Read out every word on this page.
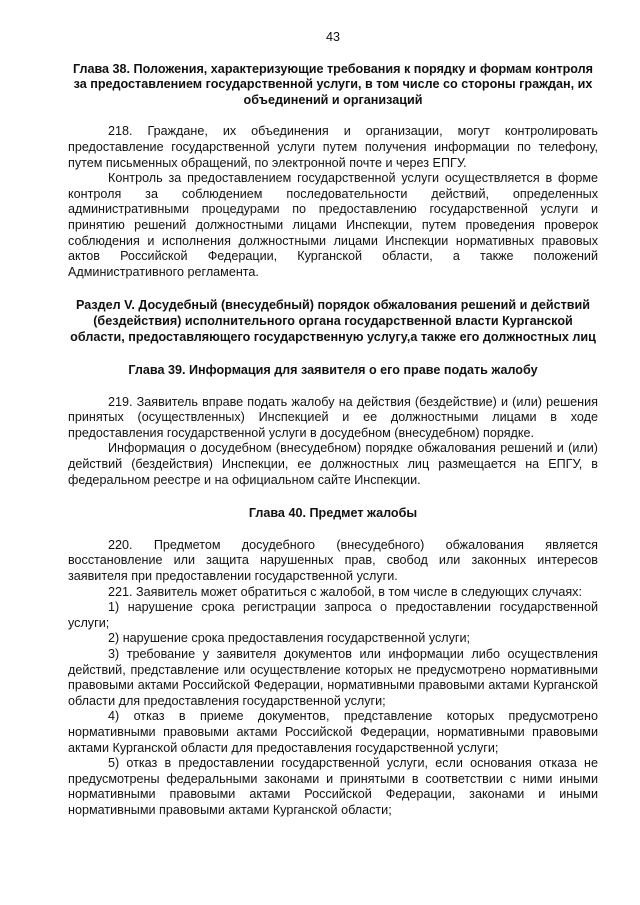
43
Глава 38. Положения, характеризующие требования к порядку и формам контроля за предоставлением государственной услуги, в том числе со стороны граждан, их объединений и организаций

218. Граждане, их объединения и организации, могут контролировать предоставление государственной услуги путем получения информации по телефону, путем письменных обращений, по электронной почте и через ЕПГУ.

Контроль за предоставлением государственной услуги осуществляется в форме контроля за соблюдением последовательности действий, определенных административными процедурами по предоставлению государственной услуги и принятию решений должностными лицами Инспекции, путем проведения проверок соблюдения и исполнения должностными лицами Инспекции нормативных правовых актов Российской Федерации, Курганской области, а также положений Административного регламента.

Раздел V. Досудебный (внесудебный) порядок обжалования решений и действий (бездействия) исполнительного органа государственной власти Курганской области, предоставляющего государственную услугу,а также его должностных лиц
Глава 39. Информация для заявителя о его праве подать жалобу

219. Заявитель вправе подать жалобу на действия (бездействие) и (или) решения принятых (осуществленных) Инспекцией и ее должностными лицами в ходе предоставления государственной услуги в досудебном (внесудебном) порядке.

Информация о досудебном (внесудебном) порядке обжалования решений и (или) действий (бездействия) Инспекции, ее должностных лиц размещается на ЕПГУ, в федеральном реестре и на официальном сайте Инспекции.

Глава 40. Предмет жалобы

220. Предметом досудебного (внесудебного) обжалования является восстановление или защита нарушенных прав, свобод или законных интересов заявителя при предоставлении государственной услуги.

221. Заявитель может обратиться с жалобой, в том числе в следующих случаях:

1) нарушение срока регистрации запроса о предоставлении государственной услуги;

2) нарушение срока предоставления государственной услуги;

3) требование у заявителя документов или информации либо осуществления действий, представление или осуществление которых не предусмотрено нормативными правовыми актами Российской Федерации, нормативными правовыми актами Курганской области для предоставления государственной услуги;

4) отказ в приеме документов, представление которых предусмотрено нормативными правовыми актами Российской Федерации, нормативными правовыми актами Курганской области для предоставления государственной услуги;

5) отказ в предоставлении государственной услуги, если основания отказа не предусмотрены федеральными законами и принятыми в соответствии с ними иными нормативными правовыми актами Российской Федерации, законами и иными нормативными правовыми актами Курганской области;
